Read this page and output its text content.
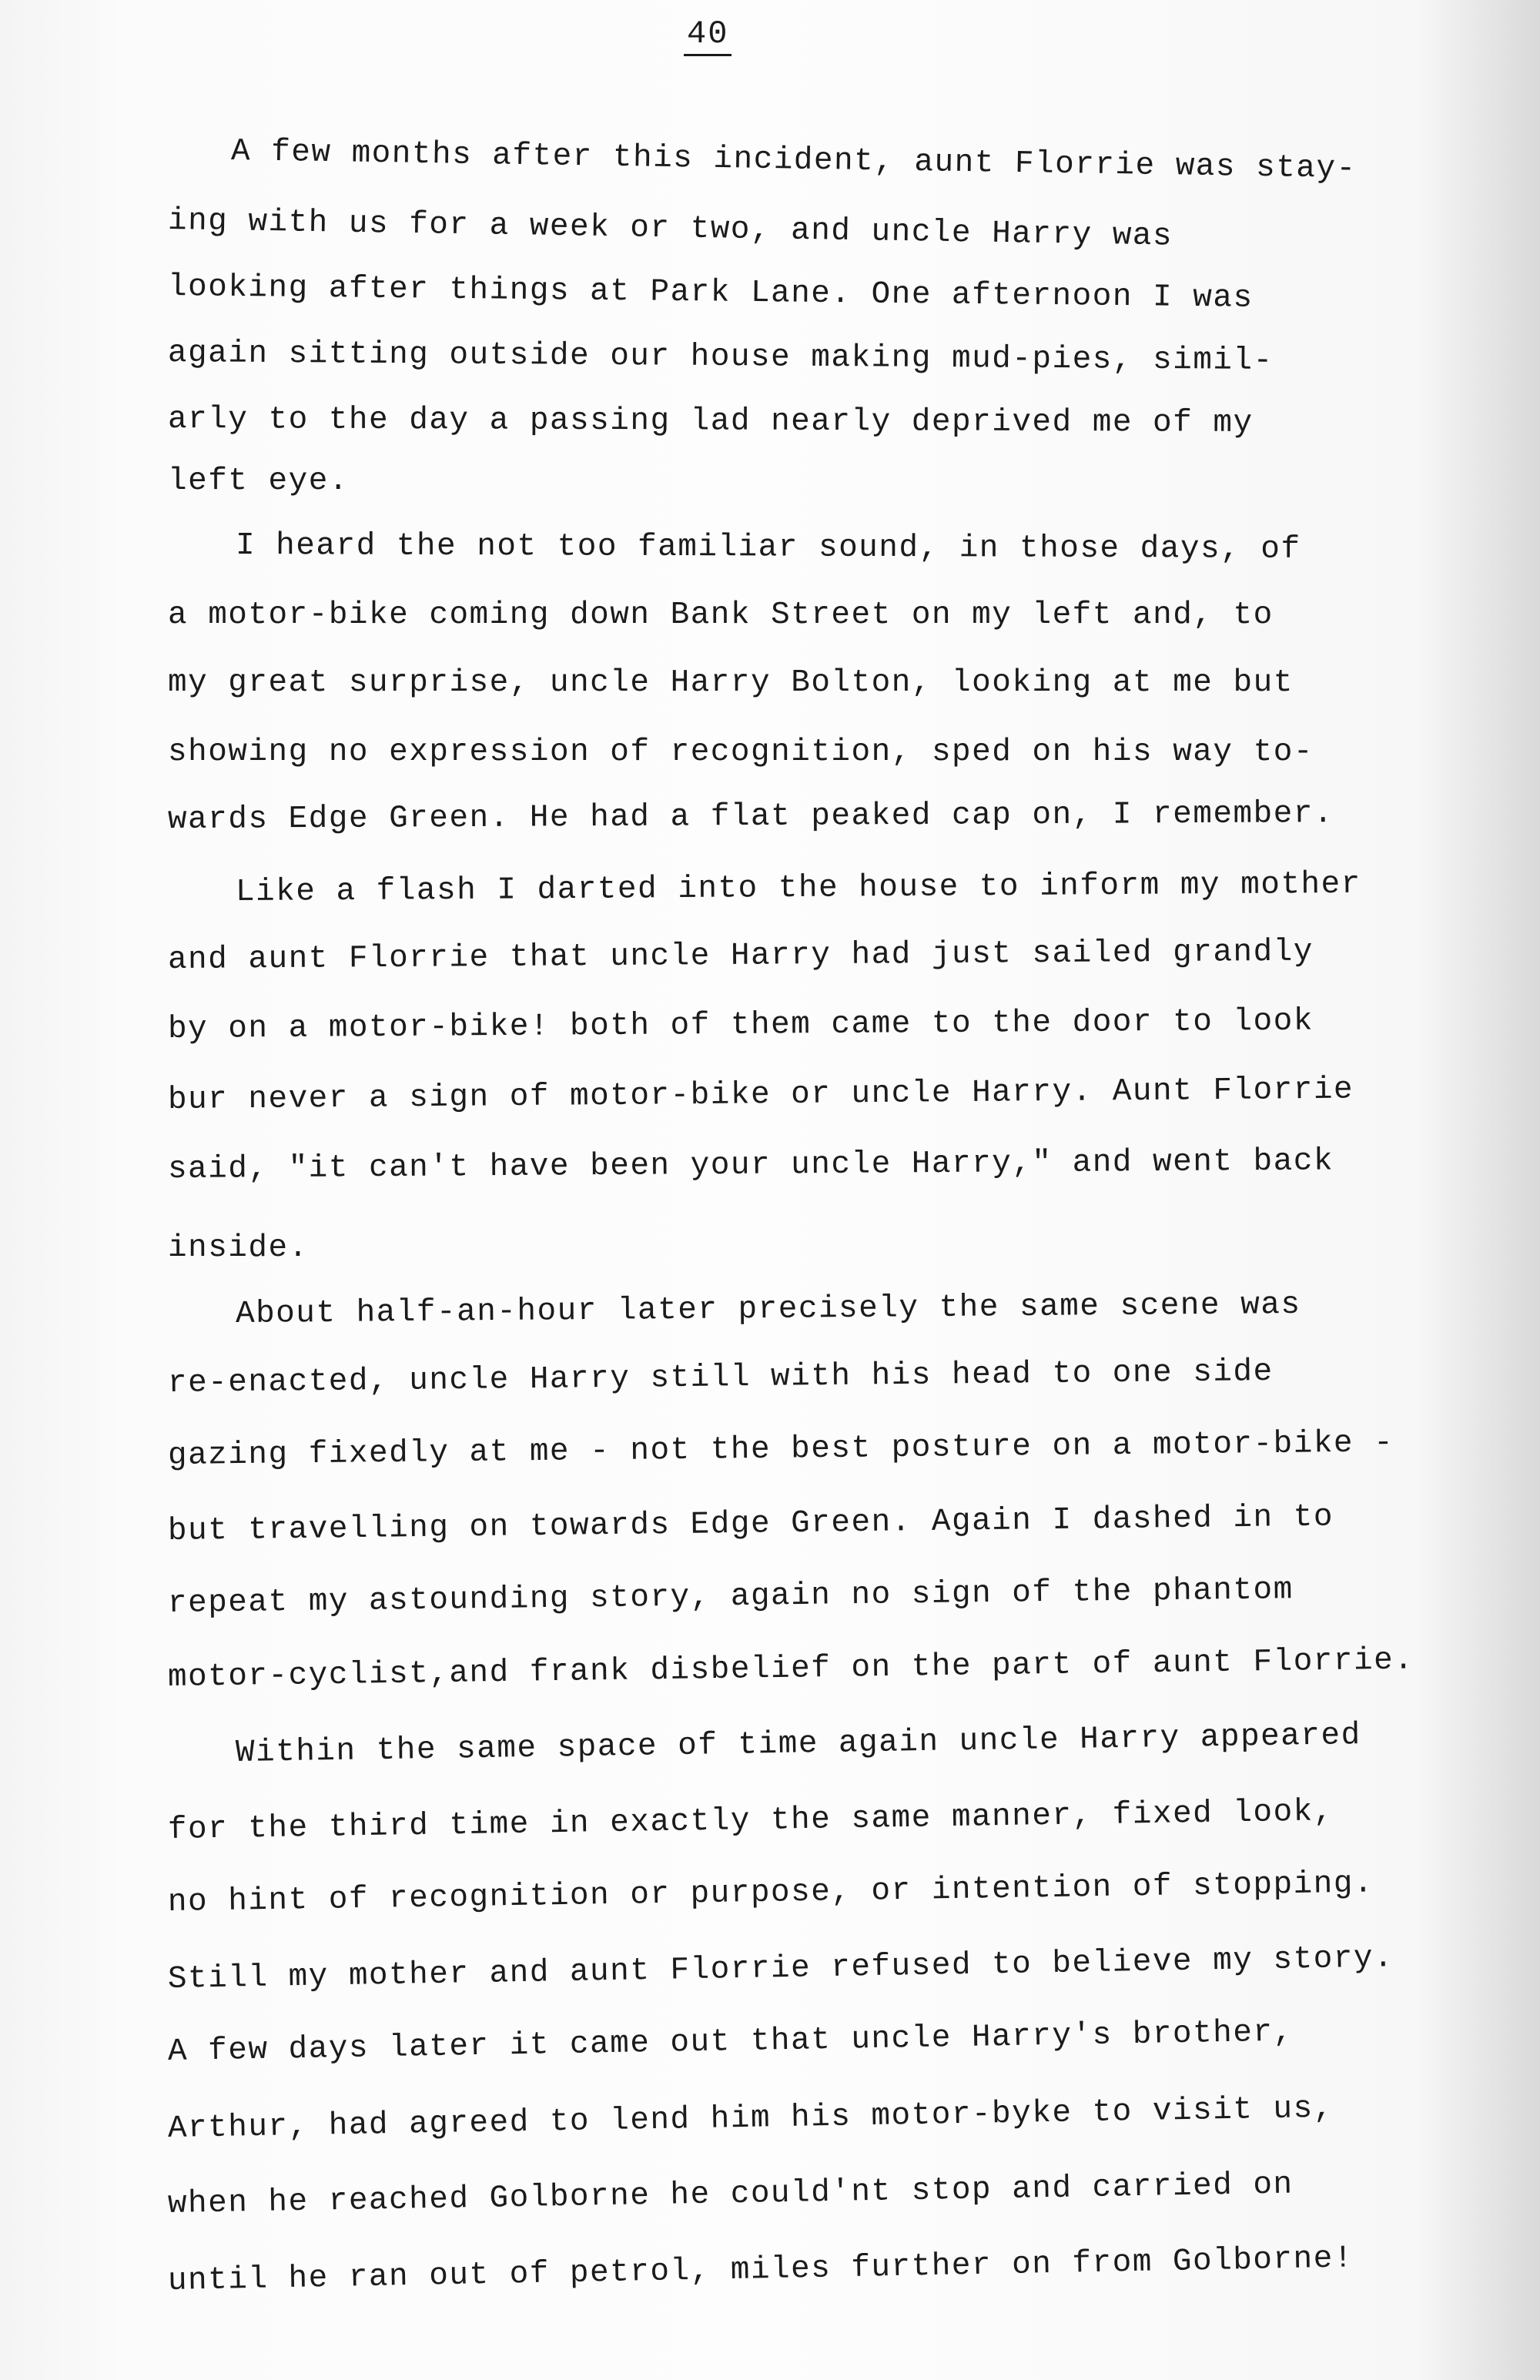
40
A few months after this incident, aunt Florrie was stay-
ing with us for a week or two, and uncle Harry was
looking after things at Park Lane. One afternoon I was
again sitting outside our house making mud-pies, simil-
arly to the day a passing lad nearly deprived me of my
left eye.
I heard the not too familiar sound, in those days, of
a motor-bike coming down Bank Street on my left and, to
my great surprise, uncle Harry Bolton, looking at me but
showing no expression of recognition, sped on his way to-
wards Edge Green. He had a flat peaked cap on, I remember.
Like a flash I darted into the house to inform my mother
and aunt Florrie that uncle Harry had just sailed grandly
by on a motor-bike! both of them came to the door to look
bur never a sign of motor-bike or uncle Harry. Aunt Florrie
said, "it can't have been your uncle Harry," and went back
inside.
About half-an-hour later precisely the same scene was
re-enacted, uncle Harry still with his head to one side
gazing fixedly at me - not the best posture on a motor-bike -
but travelling on towards Edge Green. Again I dashed in to
repeat my astounding story, again no sign of the phantom
motor-cyclist,and frank disbelief on the part of aunt Florrie.
Within the same space of time again uncle Harry appeared
for the third time in exactly the same manner, fixed look,
no hint of recognition or purpose, or intention of stopping.
Still my mother and aunt Florrie refused to believe my story.
A few days later it came out that uncle Harry's brother,
Arthur, had agreed to lend him his motor-byke to visit us,
when he reached Golborne he could'nt stop and carried on
until he ran out of petrol, miles further on from Golborne!
